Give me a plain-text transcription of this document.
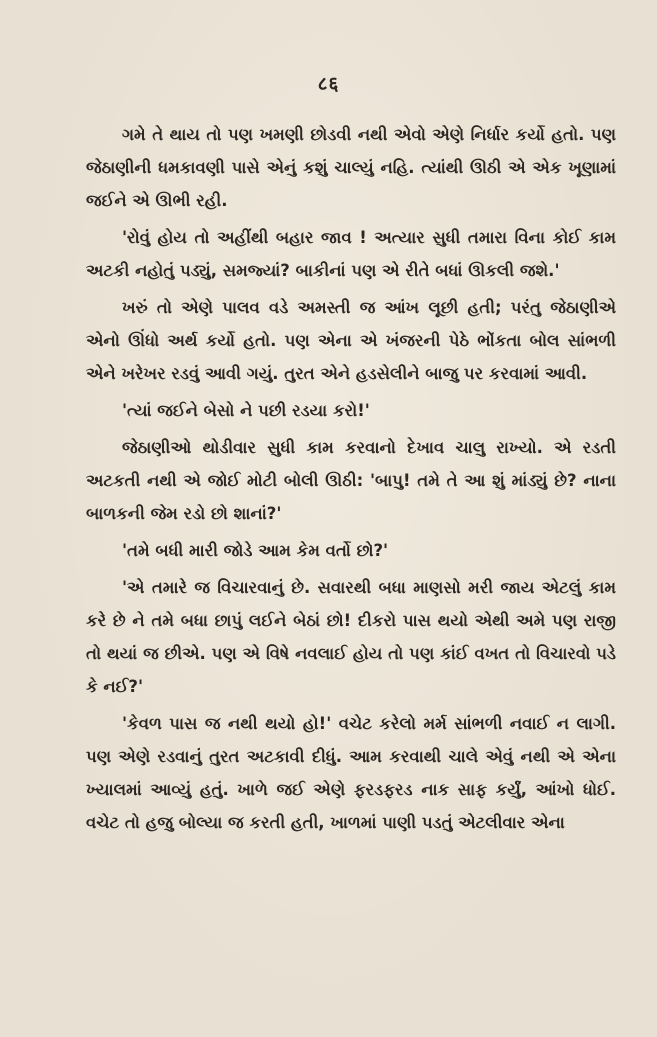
८६

ગમે તે થાય તો પણ ખમણી છોડવી નથી એવો એણે નિર્ધાર કર્યો હતો. પણ જેઠાણીની ધમકાવણી પાસે એનું કશું ચાલ્યું નહિ. ત્યાંથી ઊઠી એ એક ખૂણામાં જઈને એ ઊભી રહી.

'રોવું હોય તો અહીંથી બહાર જાવ ! અત્યાર સુધી તમારા વિના કોઈ કામ અટકી નહોતું પડ્યું, સમજ્યાં? બાકીનાં પણ એ રીતે બધાં ઊકલી જશે.'

ખરું તો એણે પાલવ વડે અમસ્તી જ આંખ લૂછી હતી; પરંતુ જેઠાણીએ એનો ઊંધો અર્થ કર્યો હતો. પણ એના એ ખંજરની પેઠે ભોંકતા બોલ સાંભળી એને ખરેખર રડવું આવી ગયું. તુરત એને હડસેલીને બાજુ પર કરવામાં આવી.

'ત્યાં જઈને બેસો ને પછી રડયા કરો!'

જેઠાણીઓ થોડીવાર સુધી કામ કરવાનો દેખાવ ચાલુ રાખ્યો. એ રડતી અટકતી નથી એ જોઈ મોટી બોલી ઊઠી: 'બાપુ! તમે તે આ શું માંડ્યું છે? નાના બાળકની જેમ રડો છો શાનાં?'

'તમે બધી મારી જોડે આમ કેમ વર્તો છો?'

'એ તમારે જ વિચારવાનું છે. સવારથી બધા માણસો મરી જાય એટલું કામ કરે છે ને તમે બધા છાપું લઈને બેઠાં છો! દીકરો પાસ થયો એથી અમે પણ રાજી તો થયાં જ છીએ. પણ એ વિષે નવલાઈ હોય તો પણ કાંઈ વખત તો વિચારવો પડે કે નઈ?'

'કેવળ પાસ જ નથી થયો હો!' વચેટ કરેલો મર્મ સાંભળી નવાઈ ન લાગી. પણ એણે રડવાનું તુરત અટકાવી દીધું. આમ કરવાથી ચાલે એવું નથી એ એના ખ્યાલમાં આવ્યું હતું. ખાળે જઈ એણે ફરડફરડ નાક સાફ કર્યું, આંખો ધોઈ. વચેટ તો હજુ બોલ્યા જ કરતી હતી, ખાળમાં પાણી પડતું એટલીવાર એના
